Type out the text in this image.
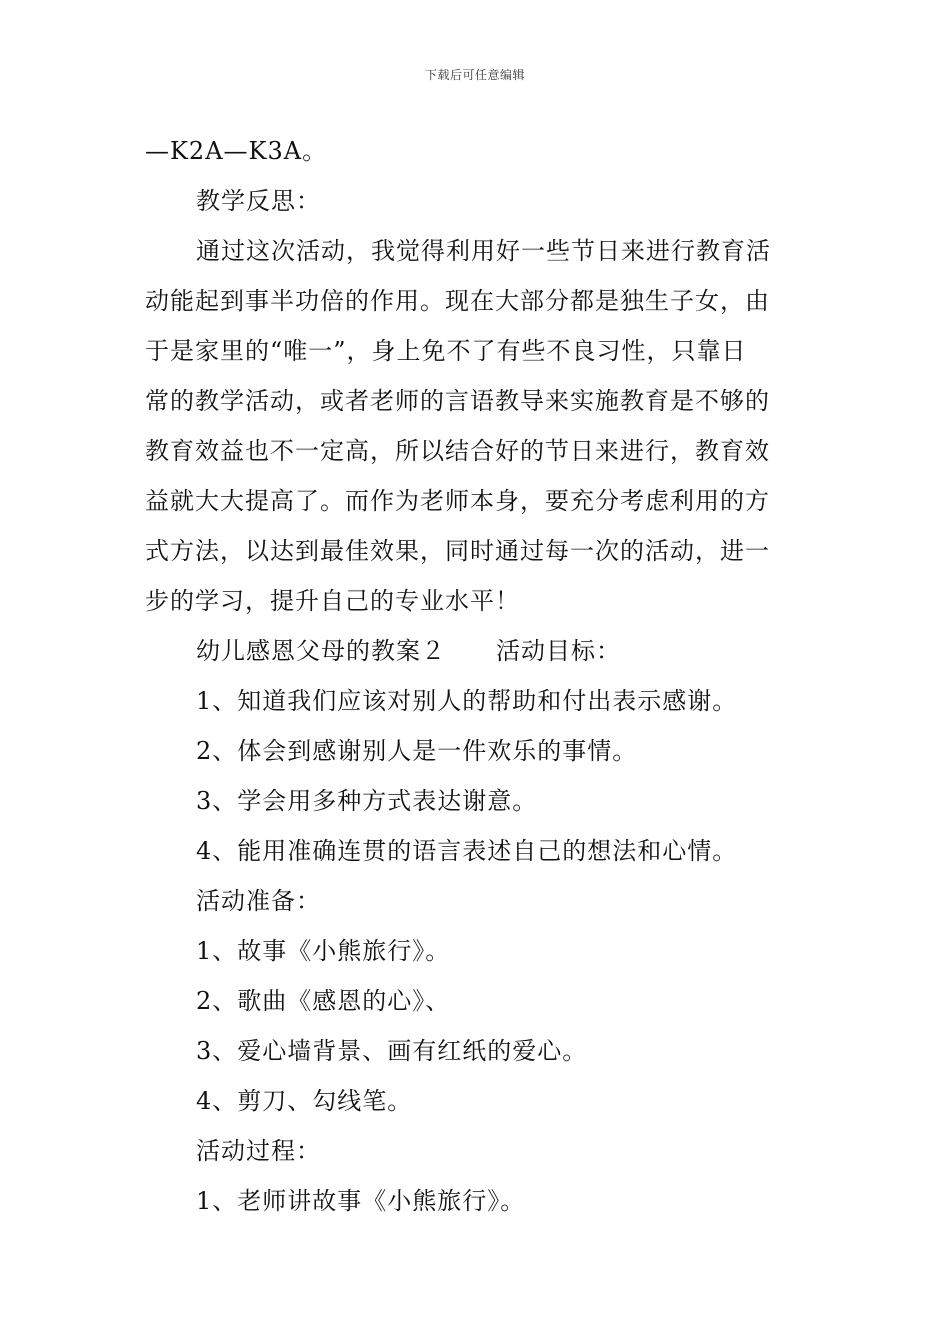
下载后可任意编辑
—K2A—K3A。
教学反思：
通过这次活动，我觉得利用好一些节日来进行教育活
动能起到事半功倍的作用。现在大部分都是独生子女，由
于是家里的“唯一”，身上免不了有些不良习性，只靠日
常的教学活动，或者老师的言语教导来实施教育是不够的
教育效益也不一定高，所以结合好的节日来进行，教育效
益就大大提高了。而作为老师本身，要充分考虑利用的方
式方法，以达到最佳效果，同时通过每一次的活动，进一
步的学习，提升自己的专业水平！
幼儿感恩父母的教案２　　活动目标：
1、知道我们应该对别人的帮助和付出表示感谢。
2、体会到感谢别人是一件欢乐的事情。
3、学会用多种方式表达谢意。
4、能用准确连贯的语言表述自己的想法和心情。
活动准备：
1、故事《小熊旅行》。
2、歌曲《感恩的心》、
3、爱心墙背景、画有红纸的爱心。
4、剪刀、勾线笔。
活动过程：
1、老师讲故事《小熊旅行》。
